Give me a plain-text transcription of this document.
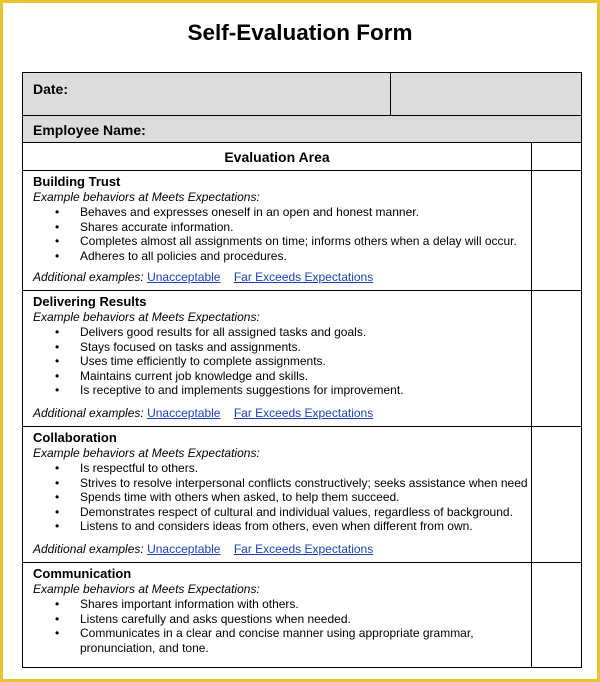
Self-Evaluation Form
Date:
Employee Name:
Evaluation Area
Building Trust
Example behaviors at Meets Expectations:
• Behaves and expresses oneself in an open and honest manner.
• Shares accurate information.
• Completes almost all assignments on time; informs others when a delay will occur.
• Adheres to all policies and procedures.
Additional examples: Unacceptable Far Exceeds Expectations
Delivering Results
Example behaviors at Meets Expectations:
• Delivers good results for all assigned tasks and goals.
• Stays focused on tasks and assignments.
• Uses time efficiently to complete assignments.
• Maintains current job knowledge and skills.
• Is receptive to and implements suggestions for improvement.
Additional examples: Unacceptable Far Exceeds Expectations
Collaboration
Example behaviors at Meets Expectations:
• Is respectful to others.
• Strives to resolve interpersonal conflicts constructively; seeks assistance when need
• Spends time with others when asked, to help them succeed.
• Demonstrates respect of cultural and individual values, regardless of background.
• Listens to and considers ideas from others, even when different from own.
Additional examples: Unacceptable Far Exceeds Expectations
Communication
Example behaviors at Meets Expectations:
• Shares important information with others.
• Listens carefully and asks questions when needed.
• Communicates in a clear and concise manner using appropriate grammar,
pronunciation, and tone.
